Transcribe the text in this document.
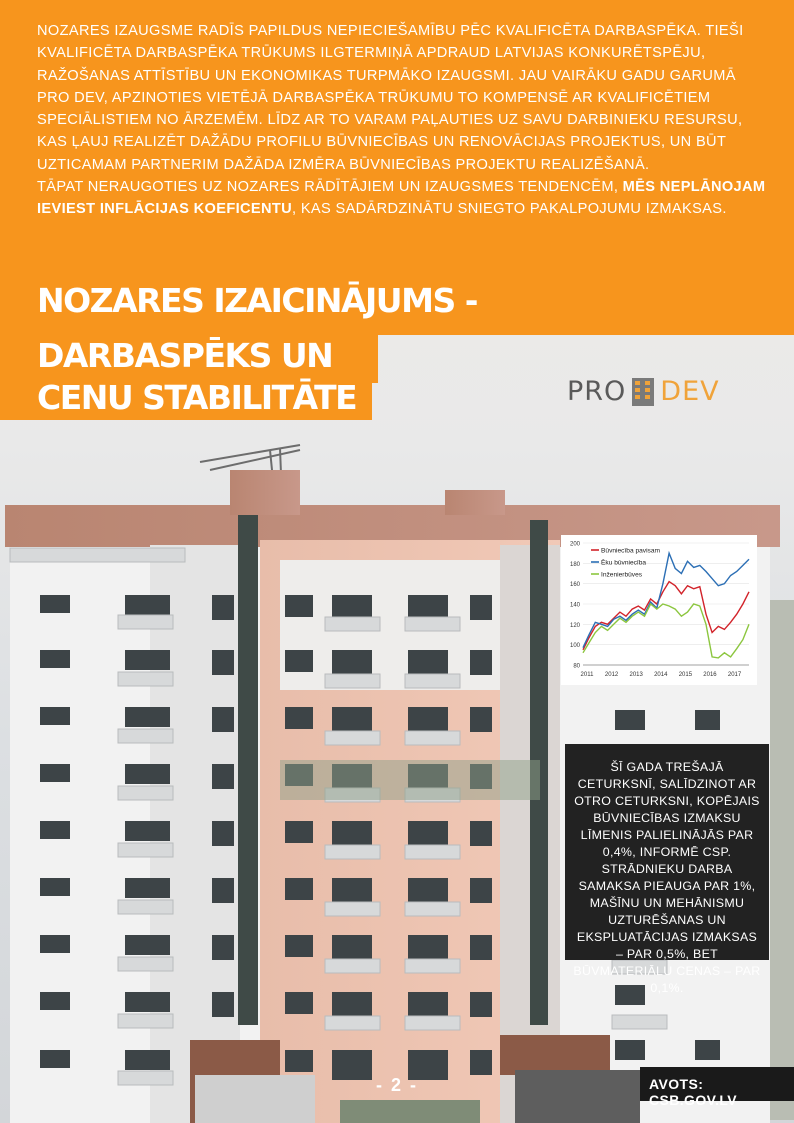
NOZARES IZAUGSME RADĪS PAPILDUS NEPIECIEŠAMĪBU PĒC KVALIFICĒTA DARBASPĒKA. TIEŠI KVALIFICĒTA DARBASPĒKA TRŪKUMS ILGTERMIŅĀ APDRAUD LATVIJAS KONKURĒTSPĒJU, RAŽOŠANAS ATTĪSTĪBU UN EKONOMIKAS TURPMĀKO IZAUGSMI. JAU VAIRĀKU GADU GARUMĀ PRO DEV, APZINOTIES VIETĒJĀ DARBASPĒKA TRŪKUMU TO KOMPENSĒ AR KVALIFICĒTIEM SPECIĀLISTIEM NO ĀRZEMĒM. LĪDZ AR TO VARAM PAĻAUTIES UZ SAVU DARBINIEKU RESURSU, KAS ĻAUJ REALIZĒT DAŽĀDU PROFILU BŪVNIECĪBAS UN RENOVĀCIJAS PROJEKTUS, UN BŪT UZTICAMAM PARTNERIM DAŽĀDA IZMĒRA BŪVNIECĪBAS PROJEKTU REALIZĒŠANĀ.

TĀPAT NERAUGOTIES UZ NOZARES RĀDĪTĀJIEM UN IZAUGSMES TENDENCĒM, MĒS NEPLĀNOJAM IEVIEST INFLĀCIJAS KOEFICENTU, KAS SADĀRDZINĀTU SNIEGTO PAKALPOJUMU IZMAKSAS.

NOZARES IZAICINĀJUMS -
DARBASPĒKS UN
CENU STABILITĀTE	PRO DEV
80
100
120
140
160
180
200
2011 2012 2013 2014 2015 2016 2017
Būvniecība pavisam
Ēku būvniecība
Inženierbūves
ŠĪ GADA TREŠAJĀ CETURKSNĪ, SALĪDZINOT AR OTRO CETURKSNI, KOPĒJAIS BŪVNIECĪBAS IZMAKSU LĪMENIS PALIELINĀJĀS PAR 0,4%, INFORMĒ CSP. STRĀDNIEKU DARBA SAMAKSA PIEAUGA PAR 1%, MAŠĪNU UN MEHĀNISMU UZTURĒŠANAS UN EKSPLUATĀCIJAS IZMAKSAS – PAR 0,5%, BET BŪVMATERIĀLU CENAS – PAR 0,1%.
- 2 -	AVOTS: CSB.GOV.LV
